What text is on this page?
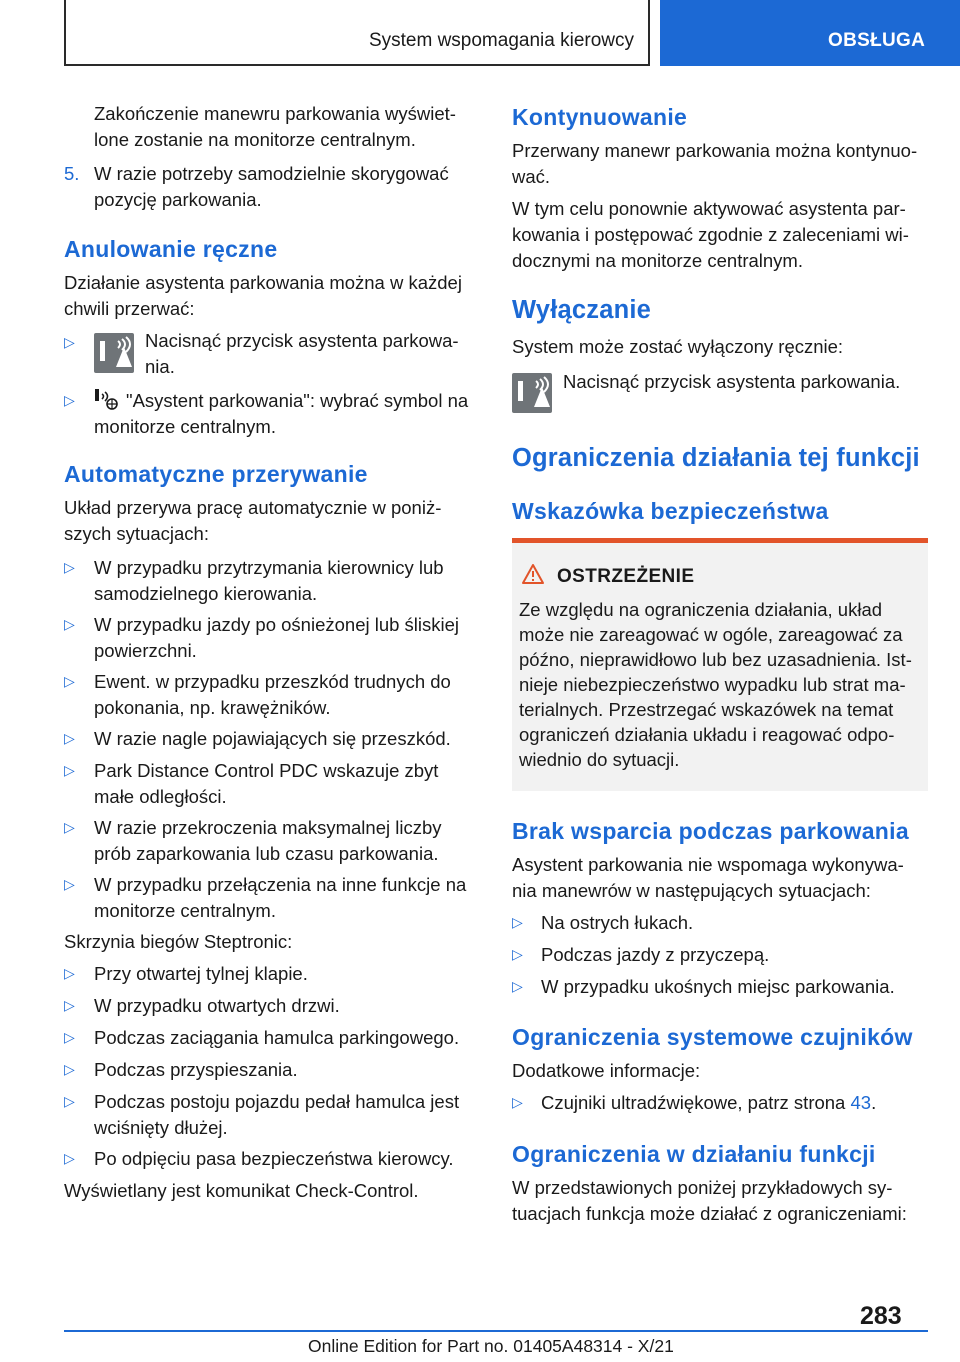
System wspomagania kierowcy	OBSŁUGA
Zakończenie manewru parkowania wyświet‐
lone zostanie na monitorze centralnym.
5. W razie potrzeby samodzielnie skorygować
pozycję parkowania.
Anulowanie ręczne
Działanie asystenta parkowania można w każdej
chwili przerwać:
▷	Nacisnąć przycisk asystenta parkowa‐
nia.
▷	"Asystent parkowania": wybrać symbol na
monitorze centralnym.
Automatyczne przerywanie
Układ przerywa pracę automatycznie w poniż‐
szych sytuacjach:
▷ W przypadku przytrzymania kierownicy lub
samodzielnego kierowania.
▷ W przypadku jazdy po ośnieżonej lub śliskiej
powierzchni.
▷ Ewent. w przypadku przeszkód trudnych do
pokonania, np. krawężników.
▷ W razie nagle pojawiających się przeszkód.
▷ Park Distance Control PDC wskazuje zbyt
małe odległości.
▷ W razie przekroczenia maksymalnej liczby
prób zaparkowania lub czasu parkowania.
▷ W przypadku przełączenia na inne funkcje na
monitorze centralnym.
Skrzynia biegów Steptronic:
▷ Przy otwartej tylnej klapie.
▷ W przypadku otwartych drzwi.
▷ Podczas zaciągania hamulca parkingowego.
▷ Podczas przyspieszania.
▷ Podczas postoju pojazdu pedał hamulca jest
wciśnięty dłużej.
▷ Po odpięciu pasa bezpieczeństwa kierowcy.
Wyświetlany jest komunikat Check-Control.
Kontynuowanie
Przerwany manewr parkowania można kontynuo‐
wać.
W tym celu ponownie aktywować asystenta par‐
kowania i postępować zgodnie z zaleceniami wi‐
docznymi na monitorze centralnym.
Wyłączanie
System może zostać wyłączony ręcznie:
Nacisnąć przycisk asystenta parkowania.
Ograniczenia działania tej funkcji
Wskazówka bezpieczeństwa
OSTRZEŻENIE
Ze względu na ograniczenia działania, układ
może nie zareagować w ogóle, zareagować za
późno, nieprawidłowo lub bez uzasadnienia. Ist‐
nieje niebezpieczeństwo wypadku lub strat ma‐
terialnych. Przestrzegać wskazówek na temat
ograniczeń działania układu i reagować odpo‐
wiednio do sytuacji.
Brak wsparcia podczas parkowania
Asystent parkowania nie wspomaga wykonywa‐
nia manewrów w następujących sytuacjach:
▷ Na ostrych łukach.
▷ Podczas jazdy z przyczepą.
▷ W przypadku ukośnych miejsc parkowania.
Ograniczenia systemowe czujników
Dodatkowe informacje:
▷ Czujniki ultradźwiękowe, patrz strona 43.
Ograniczenia w działaniu funkcji
W przedstawionych poniżej przykładowych sy‐
tuacjach funkcja może działać z ograniczeniami:
283
Online Edition for Part no. 01405A48314 - X/21
